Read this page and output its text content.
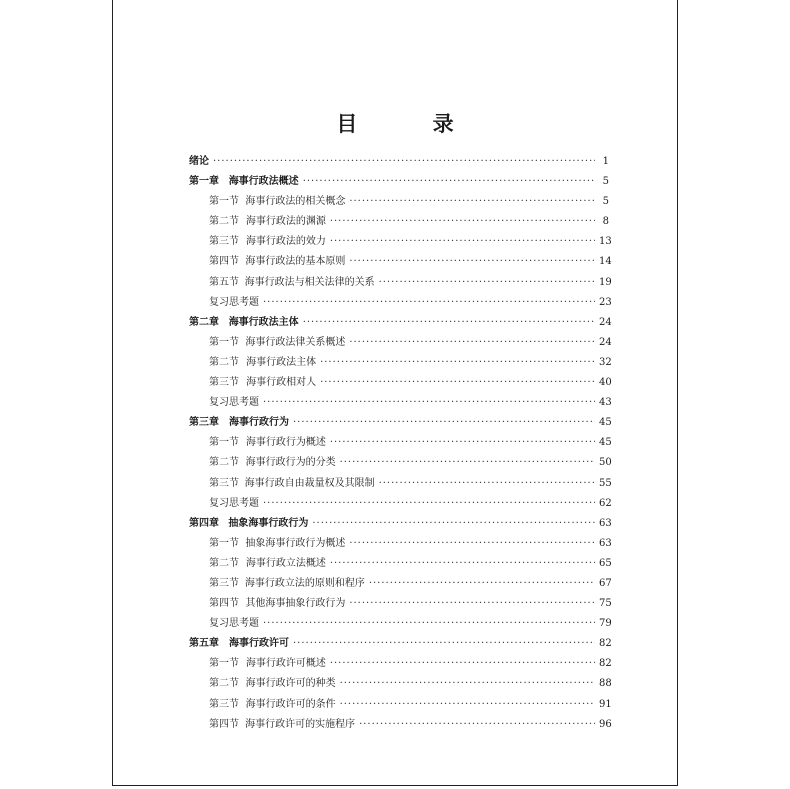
目 录
绪论 ·····	1
第一章 海事行政法概述 ·····	5
第一节 海事行政法的相关概念 ·····	5
第二节 海事行政法的渊源 ·····	8
第三节 海事行政法的效力 ·····	13
第四节 海事行政法的基本原则 ·····	14
第五节 海事行政法与相关法律的关系 ·····	19
复习思考题 ·····	23
第二章 海事行政法主体 ·····	24
第一节 海事行政法律关系概述 ·····	24
第二节 海事行政法主体 ·····	32
第三节 海事行政相对人 ·····	40
复习思考题 ·····	43
第三章 海事行政行为 ·····	45
第一节 海事行政行为概述 ·····	45
第二节 海事行政行为的分类 ·····	50
第三节 海事行政自由裁量权及其限制 ·····	55
复习思考题 ·····	62
第四章 抽象海事行政行为 ·····	63
第一节 抽象海事行政行为概述 ·····	63
第二节 海事行政立法概述 ·····	65
第三节 海事行政立法的原则和程序 ·····	67
第四节 其他海事抽象行政行为 ·····	75
复习思考题 ·····	79
第五章 海事行政许可 ·····	82
第一节 海事行政许可概述 ·····	82
第二节 海事行政许可的种类 ·····	88
第三节 海事行政许可的条件 ·····	91
第四节 海事行政许可的实施程序 ·····	96
